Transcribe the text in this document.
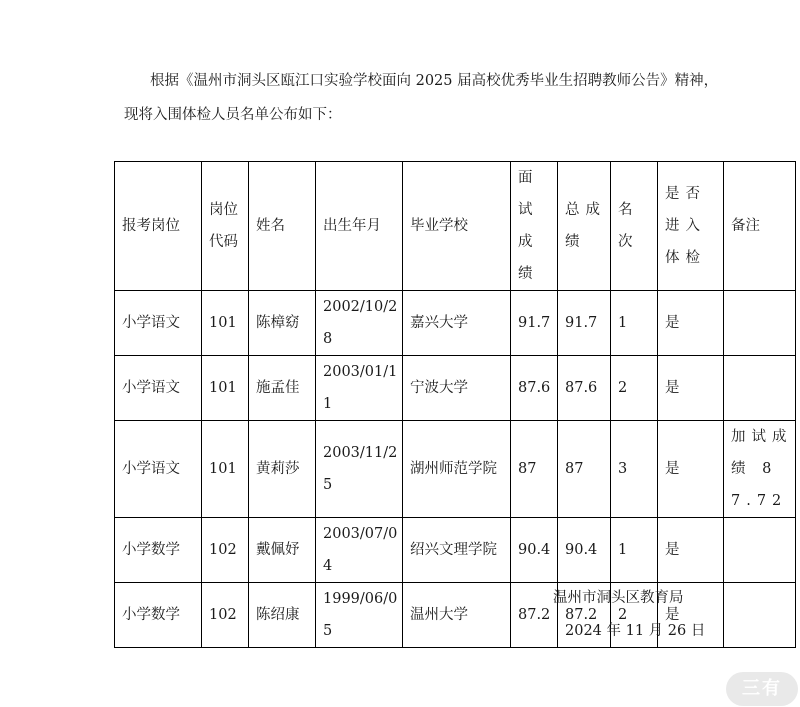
根据《温州市洞头区瓯江口实验学校面向 2025 届高校优秀毕业生招聘教师公告》精神，
现将入围体检人员名单公布如下：
报考岗位	岗位代码	姓名	出生年月	毕业学校	面试成绩	总成绩	名次	是否进入体检	备注
小学语文	101	陈樟窈	2002/10/28	嘉兴大学	91.7	91.7	1	是	
小学语文	101	施孟佳	2003/01/11	宁波大学	87.6	87.6	2	是	
小学语文	101	黄莉莎	2003/11/25	湖州师范学院	87	87	3	是	加试成绩 87.72
小学数学	102	戴佩妤	2003/07/04	绍兴文理学院	90.4	90.4	1	是	
小学数学	102	陈绍康	1999/06/05	温州大学	87.2	87.2	2	是	
温州市洞头区教育局
2024 年 11 月 26 日
三有
